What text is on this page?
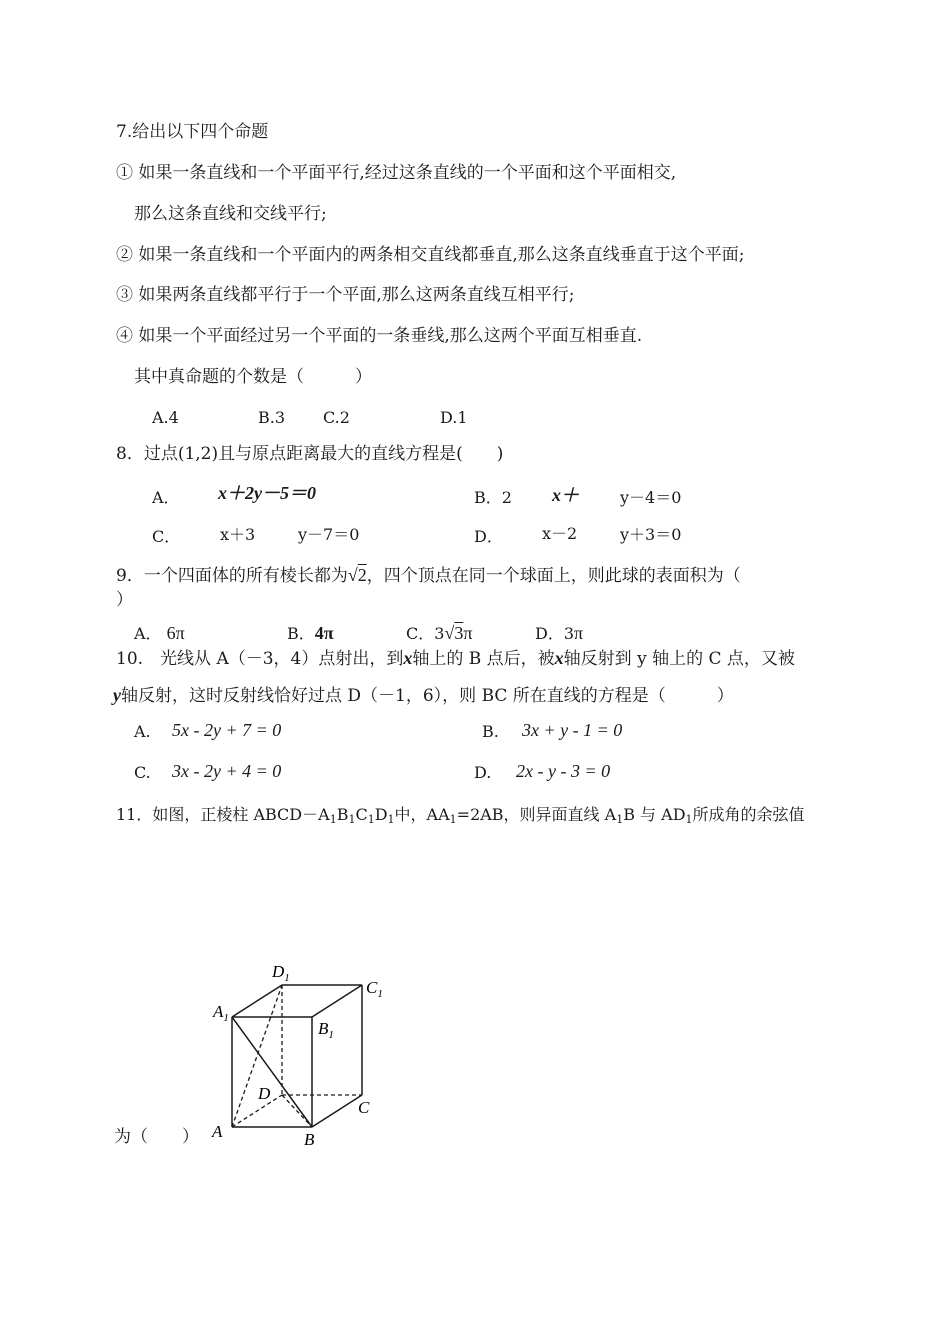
7.给出以下四个命题
① 如果一条直线和一个平面平行,经过这条直线的一个平面和这个平面相交,
那么这条直线和交线平行;
② 如果一条直线和一个平面内的两条相交直线都垂直,那么这条直线垂直于这个平面;
③ 如果两条直线都平行于一个平面,那么这两条直线互相平行;
④ 如果一个平面经过另一个平面的一条垂线,那么这两个平面互相垂直.
其中真命题的个数是（　　　）
A.4	B.3 C.2	D.1
8．过点(1,2)且与原点距离最大的直线方程是(　　)
A． x＋2y－5＝0	B．2 x＋	y－4＝0
C． x＋3	y－7＝0	D． x－2	y＋3＝0
9．一个四面体的所有棱长都为√2，四个顶点在同一个球面上，则此球的表面积为（
）
A． 6π	B．4π	C．3√3π	D．3π
10.　光线从 A（－3，4）点射出，到x轴上的 B 点后，被x轴反射到 y 轴上的 C 点，又被
y轴反射，这时反射线恰好过点 D（－1，6），则 BC 所在直线的方程是（　　　）
A. 5x - 2y + 7 = 0	B. 3x + y - 1 = 0
C. 3x - 2y + 4 = 0	D. 2x - y - 3 = 0
11．如图，正棱柱 $ABCD-A_1B_1C_1D_1$中，$AA_1=2AB$，则异面直线 $A_1B$ 与 $AD_1$所成角的余弦值
$D_1$	$C_1$
$A_1$
$B_1$
D
C
A	B
为（　　）
